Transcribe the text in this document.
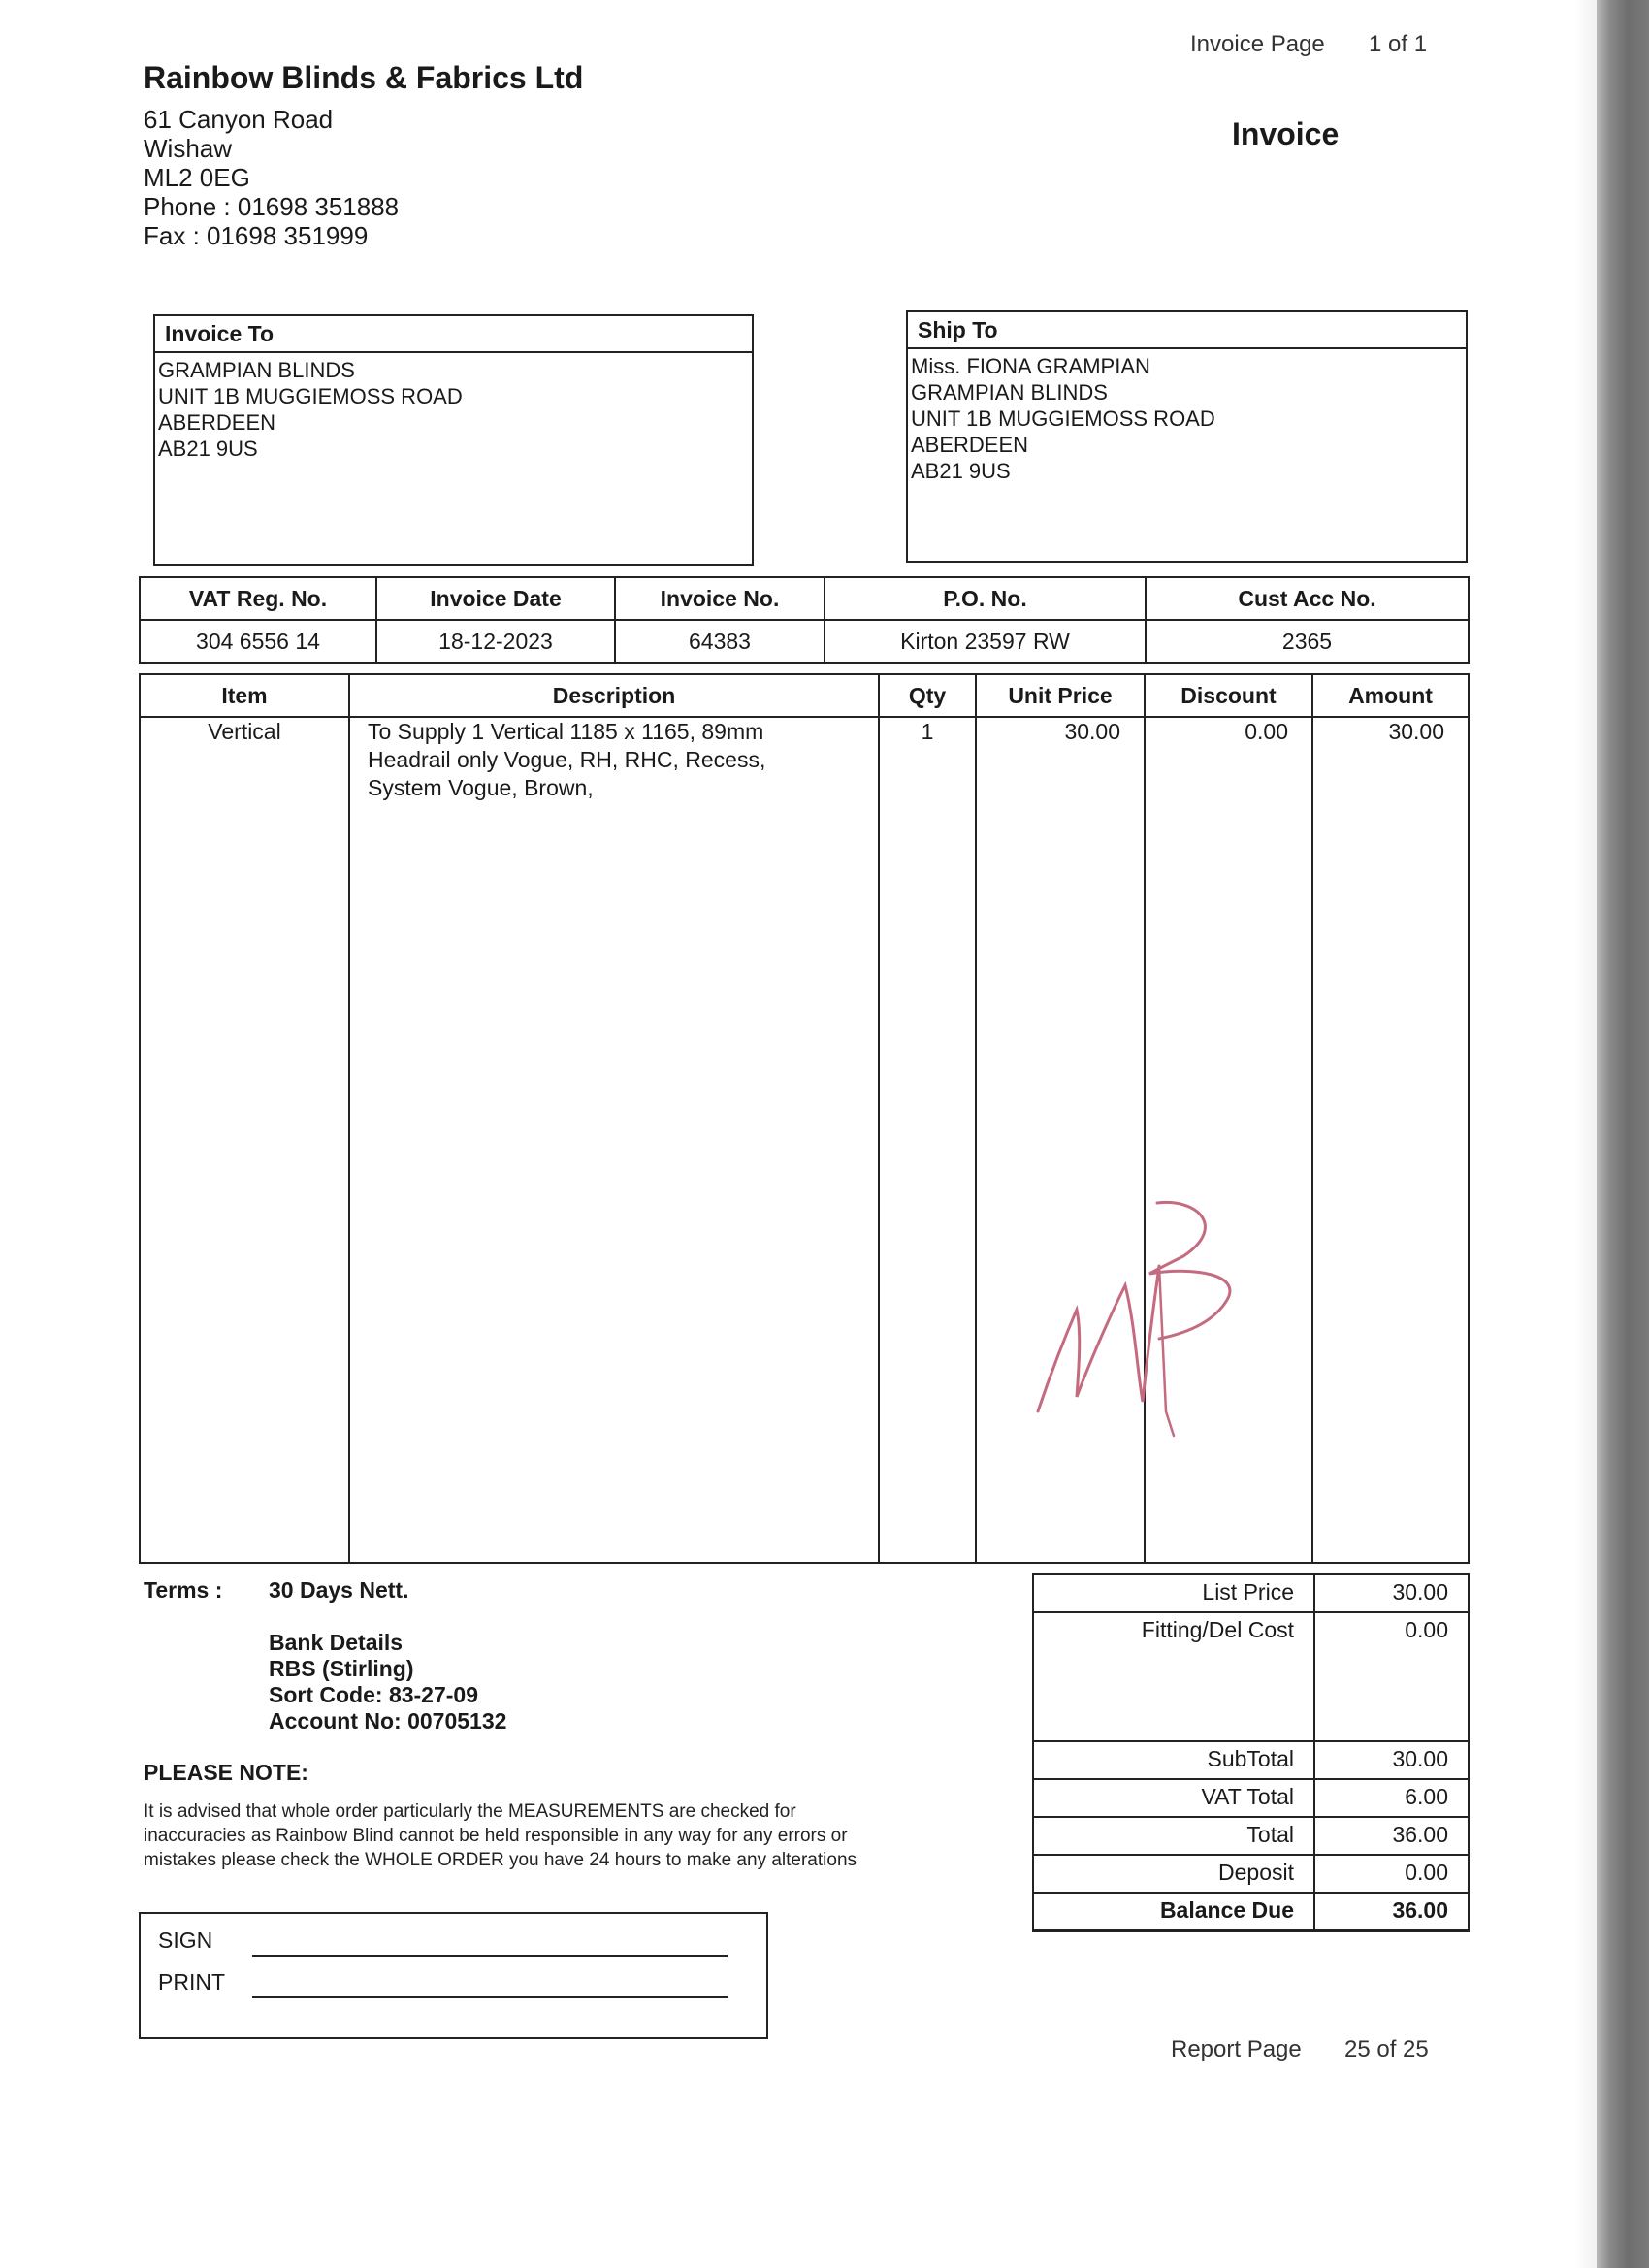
Invoice Page 1 of 1
Rainbow Blinds & Fabrics Ltd
61 Canyon Road
Wishaw
ML2 0EG
Phone : 01698 351888
Fax : 01698 351999
Invoice
Invoice To
GRAMPIAN BLINDS
UNIT 1B MUGGIEMOSS ROAD
ABERDEEN
AB21 9US
Ship To
Miss. FIONA GRAMPIAN
GRAMPIAN BLINDS
UNIT 1B MUGGIEMOSS ROAD
ABERDEEN
AB21 9US
VAT Reg. No.	Invoice Date	Invoice No.	P.O. No.	Cust Acc No.
304 6556 14	18-12-2023	64383	Kirton 23597 RW	2365
Item	Description	Qty	Unit Price	Discount	Amount
Vertical	To Supply 1 Vertical 1185 x 1165, 89mm
Headrail only Vogue, RH, RHC, Recess,
System Vogue, Brown,	1	30.00	0.00	30.00
Terms : 30 Days Nett.
Bank Details
RBS (Stirling)
Sort Code: 83-27-09
Account No: 00705132
PLEASE NOTE:
It is advised that whole order particularly the MEASUREMENTS are checked for
inaccuracies as Rainbow Blind cannot be held responsible in any way for any errors or
mistakes please check the WHOLE ORDER you have 24 hours to make any alterations
SIGN
PRINT
List Price	30.00
Fitting/Del Cost	0.00
SubTotal	30.00
VAT Total	6.00
Total	36.00
Deposit	0.00
Balance Due	36.00
Report Page 25 of 25
